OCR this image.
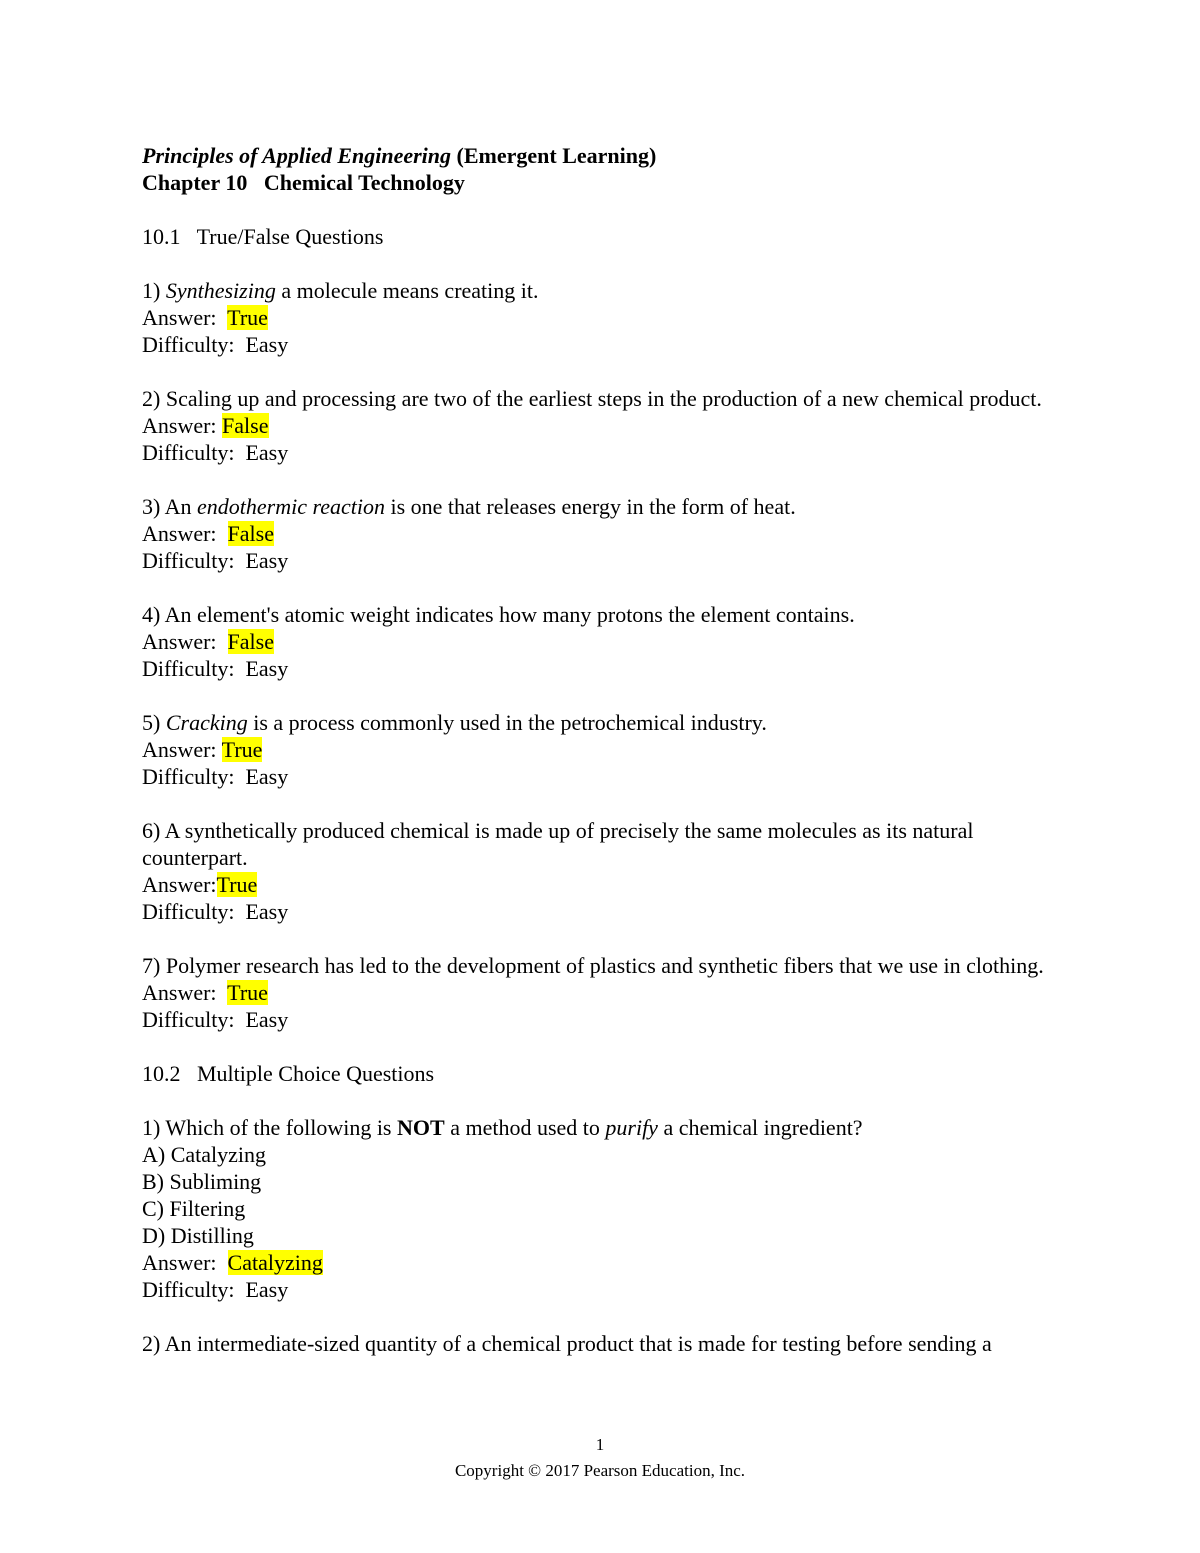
Principles of Applied Engineering (Emergent Learning)
Chapter 10   Chemical Technology
10.1   True/False Questions
1) Synthesizing a molecule means creating it.
Answer:  True
Difficulty:  Easy
2) Scaling up and processing are two of the earliest steps in the production of a new chemical product.
Answer: False
Difficulty:  Easy
3) An endothermic reaction is one that releases energy in the form of heat.
Answer:  False
Difficulty:  Easy
4) An element's atomic weight indicates how many protons the element contains.
Answer:  False
Difficulty:  Easy
5) Cracking is a process commonly used in the petrochemical industry.
Answer: True
Difficulty:  Easy
6) A synthetically produced chemical is made up of precisely the same molecules as its natural counterpart.
Answer:True
Difficulty:  Easy
7) Polymer research has led to the development of plastics and synthetic fibers that we use in clothing.
Answer:  True
Difficulty:  Easy
10.2   Multiple Choice Questions
1) Which of the following is NOT a method used to purify a chemical ingredient?
A) Catalyzing
B) Subliming
C) Filtering
D) Distilling
Answer:  Catalyzing
Difficulty:  Easy
2) An intermediate-sized quantity of a chemical product that is made for testing before sending a
1
Copyright © 2017 Pearson Education, Inc.
